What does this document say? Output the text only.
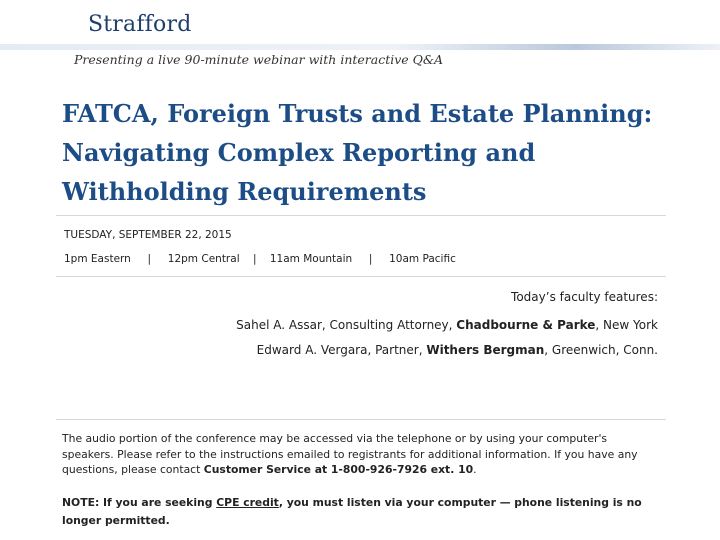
Strafford
Presenting a live 90-minute webinar with interactive Q&A
FATCA, Foreign Trusts and Estate Planning:
Navigating Complex Reporting and
Withholding Requirements
TUESDAY, SEPTEMBER 22, 2015
1pm Eastern | 12pm Central | 11am Mountain | 10am Pacific
Today’s faculty features:
Sahel A. Assar, Consulting Attorney, Chadbourne & Parke, New York
Edward A. Vergara, Partner, Withers Bergman, Greenwich, Conn.
The audio portion of the conference may be accessed via the telephone or by using your computer's speakers. Please refer to the instructions emailed to registrants for additional information. If you have any questions, please contact Customer Service at 1-800-926-7926 ext. 10.
NOTE: If you are seeking CPE credit, you must listen via your computer — phone listening is no longer permitted.
